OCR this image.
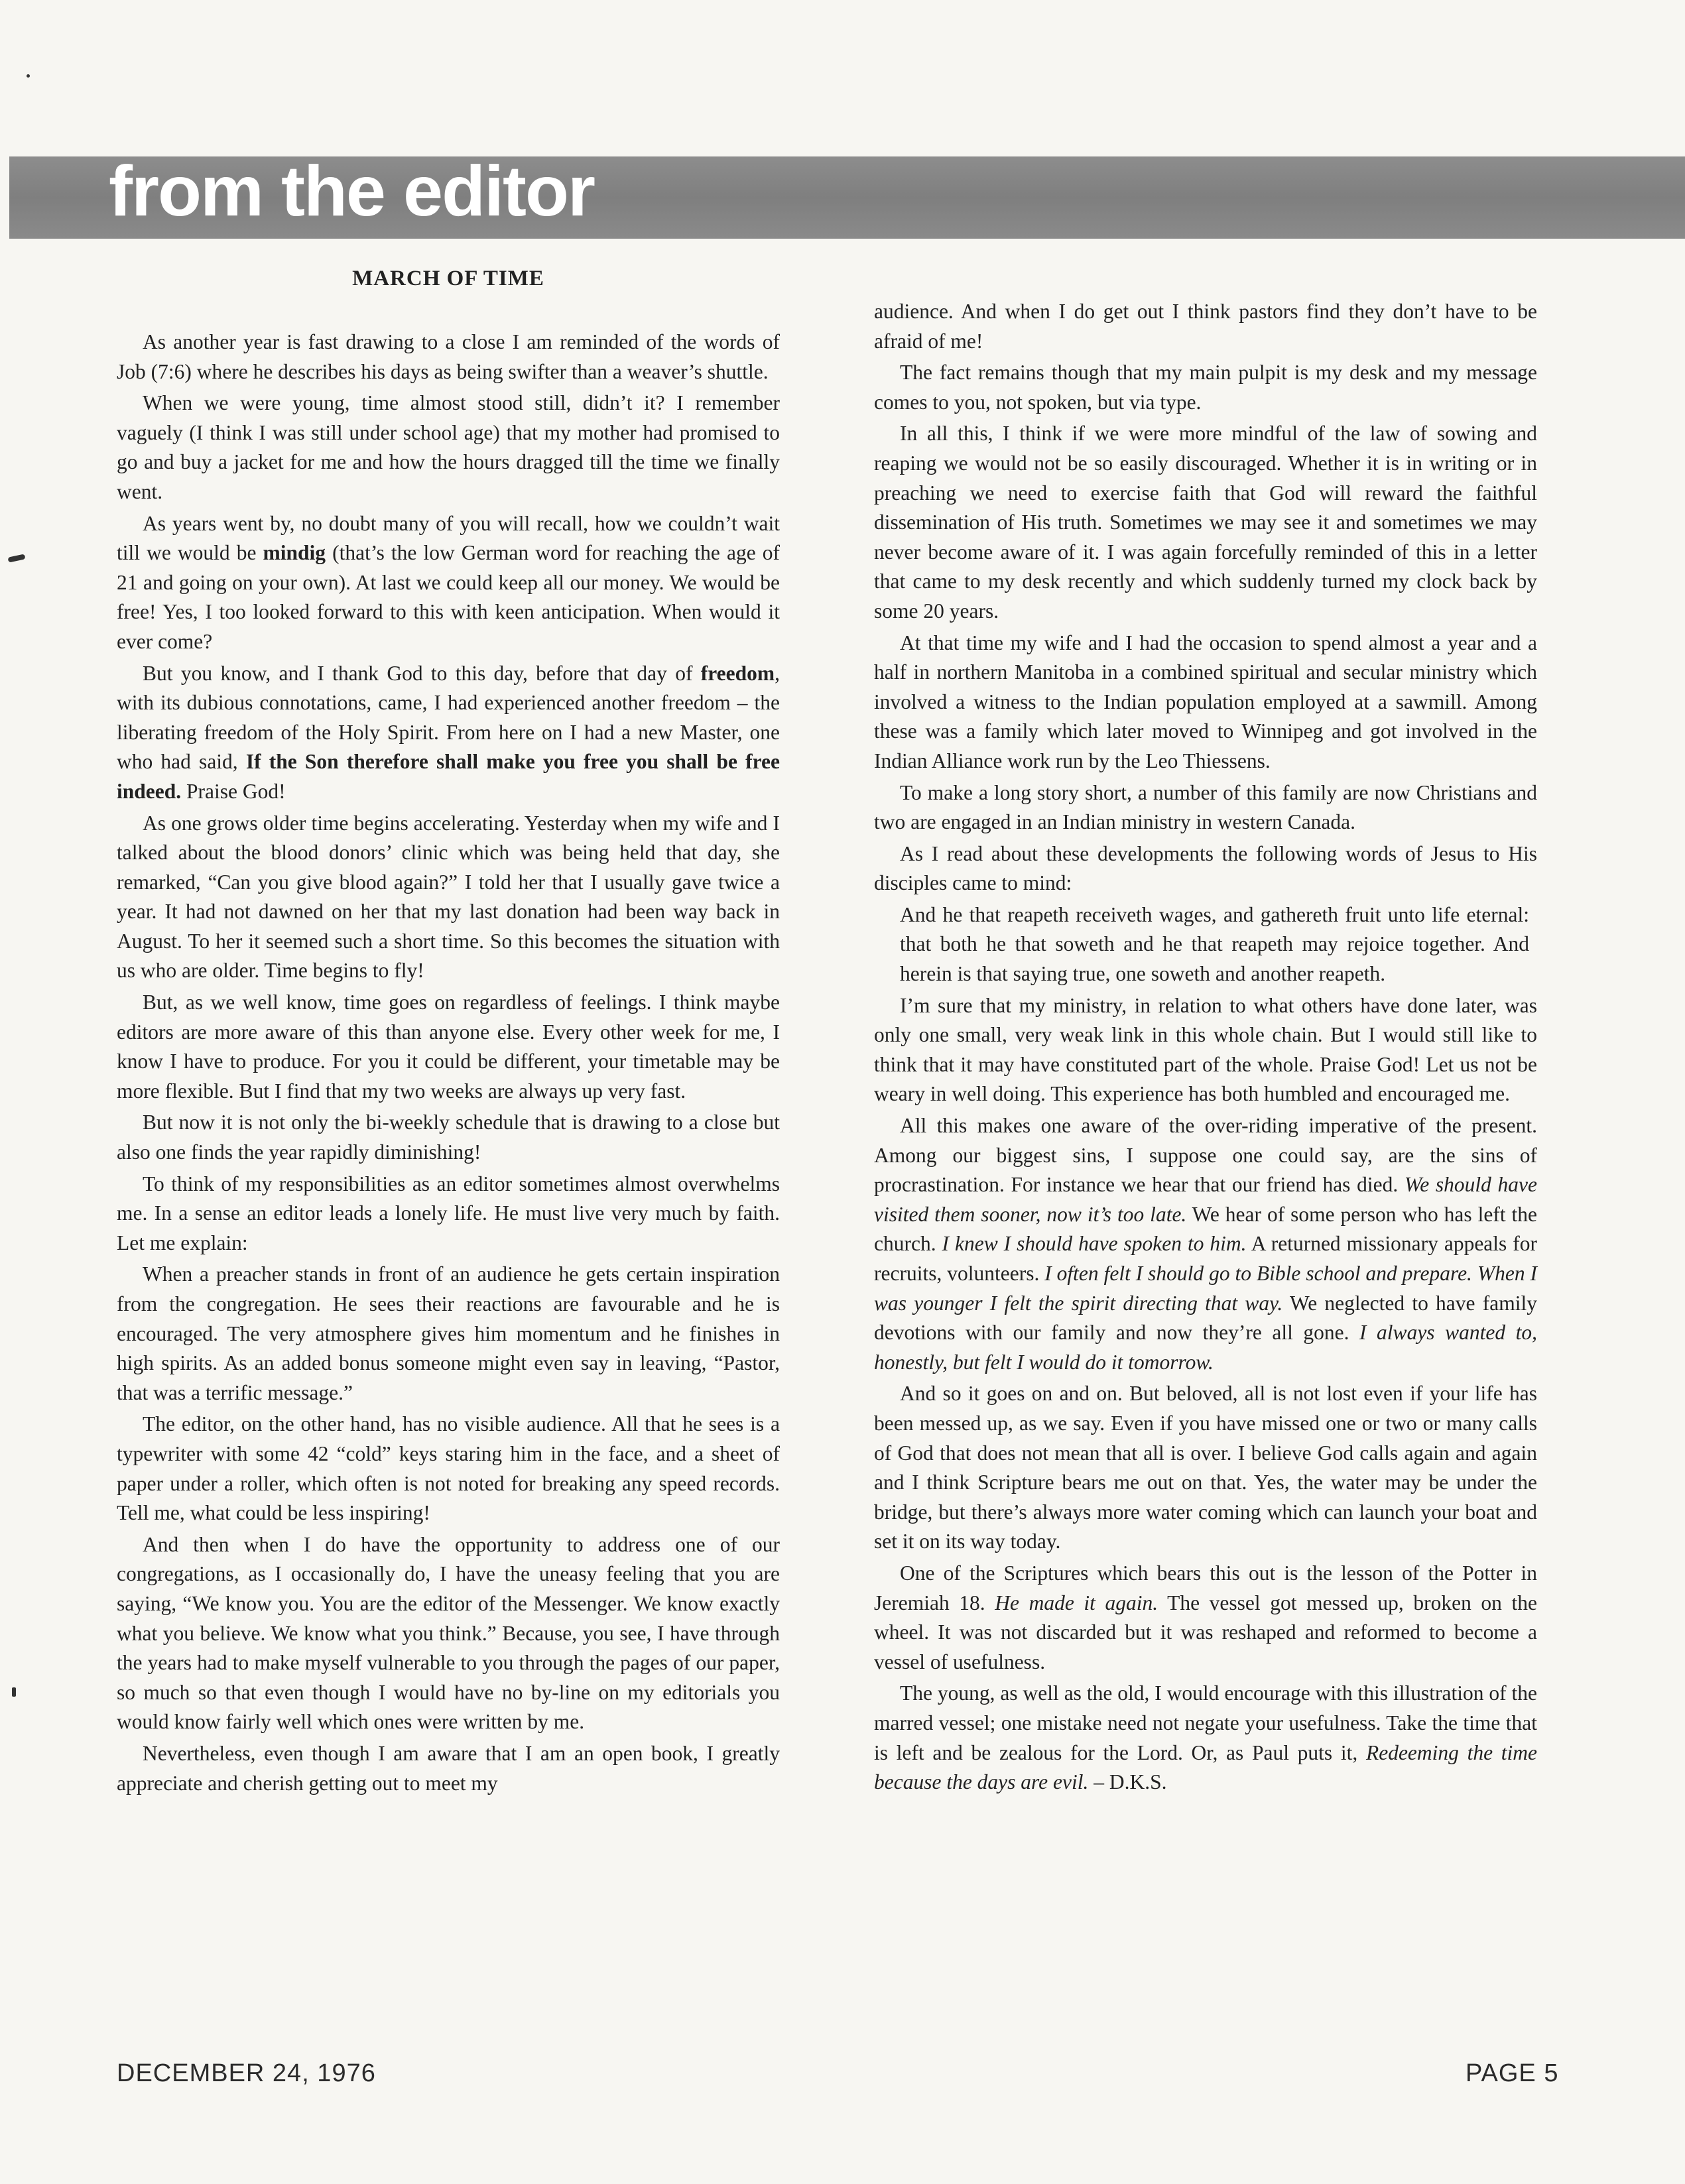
from the editor
MARCH OF TIME

As another year is fast drawing to a close I am reminded of the words of Job (7:6) where he describes his days as being swifter than a weaver’s shuttle.

When we were young, time almost stood still, didn’t it? I remember vaguely (I think I was still under school age) that my mother had promised to go and buy a jacket for me and how the hours dragged till the time we finally went.

As years went by, no doubt many of you will recall, how we couldn’t wait till we would be mindig (that’s the low German word for reaching the age of 21 and going on your own). At last we could keep all our money. We would be free! Yes, I too looked forward to this with keen anticipation. When would it ever come?

But you know, and I thank God to this day, before that day of freedom, with its dubious connotations, came, I had experienced another freedom – the liberating freedom of the Holy Spirit. From here on I had a new Master, one who had said, If the Son therefore shall make you free you shall be free indeed. Praise God!

As one grows older time begins accelerating. Yesterday when my wife and I talked about the blood donors’ clinic which was being held that day, she remarked, “Can you give blood again?” I told her that I usually gave twice a year. It had not dawned on her that my last donation had been way back in August. To her it seemed such a short time. So this becomes the situation with us who are older. Time begins to fly!

But, as we well know, time goes on regardless of feelings. I think maybe editors are more aware of this than anyone else. Every other week for me, I know I have to produce. For you it could be different, your timetable may be more flexible. But I find that my two weeks are always up very fast.

But now it is not only the bi-weekly schedule that is drawing to a close but also one finds the year rapidly diminishing!

To think of my responsibilities as an editor sometimes almost overwhelms me. In a sense an editor leads a lonely life. He must live very much by faith. Let me explain:

When a preacher stands in front of an audience he gets certain inspiration from the congregation. He sees their reactions are favourable and he is encouraged. The very atmosphere gives him momentum and he finishes in high spirits. As an added bonus someone might even say in leaving, “Pastor, that was a terrific message.”

The editor, on the other hand, has no visible audience. All that he sees is a typewriter with some 42 “cold” keys staring him in the face, and a sheet of paper under a roller, which often is not noted for breaking any speed records. Tell me, what could be less inspiring!

And then when I do have the opportunity to address one of our congregations, as I occasionally do, I have the uneasy feeling that you are saying, “We know you. You are the editor of the Messenger. We know exactly what you believe. We know what you think.” Because, you see, I have through the years had to make myself vulnerable to you through the pages of our paper, so much so that even though I would have no by-line on my editorials you would know fairly well which ones were written by me.

Nevertheless, even though I am aware that I am an open book, I greatly appreciate and cherish getting out to meet my

audience. And when I do get out I think pastors find they don’t have to be afraid of me!

The fact remains though that my main pulpit is my desk and my message comes to you, not spoken, but via type.

In all this, I think if we were more mindful of the law of sowing and reaping we would not be so easily discouraged. Whether it is in writing or in preaching we need to exercise faith that God will reward the faithful dissemination of His truth. Sometimes we may see it and sometimes we may never become aware of it. I was again forcefully reminded of this in a letter that came to my desk recently and which suddenly turned my clock back by some 20 years.

At that time my wife and I had the occasion to spend almost a year and a half in northern Manitoba in a combined spiritual and secular ministry which involved a witness to the Indian population employed at a sawmill. Among these was a family which later moved to Winnipeg and got involved in the Indian Alliance work run by the Leo Thiessens.

To make a long story short, a number of this family are now Christians and two are engaged in an Indian ministry in western Canada.

As I read about these developments the following words of Jesus to His disciples came to mind:

And he that reapeth receiveth wages, and gathereth fruit unto life eternal: that both he that soweth and he that reapeth may rejoice together. And herein is that saying true, one soweth and another reapeth.

I’m sure that my ministry, in relation to what others have done later, was only one small, very weak link in this whole chain. But I would still like to think that it may have constituted part of the whole. Praise God! Let us not be weary in well doing. This experience has both humbled and encouraged me.

All this makes one aware of the over-riding imperative of the present. Among our biggest sins, I suppose one could say, are the sins of procrastination. For instance we hear that our friend has died. We should have visited them sooner, now it’s too late. We hear of some person who has left the church. I knew I should have spoken to him. A returned missionary appeals for recruits, volunteers. I often felt I should go to Bible school and prepare. When I was younger I felt the spirit directing that way. We neglected to have family devotions with our family and now they’re all gone. I always wanted to, honestly, but felt I would do it tomorrow.

And so it goes on and on. But beloved, all is not lost even if your life has been messed up, as we say. Even if you have missed one or two or many calls of God that does not mean that all is over. I believe God calls again and again and I think Scripture bears me out on that. Yes, the water may be under the bridge, but there’s always more water coming which can launch your boat and set it on its way today.

One of the Scriptures which bears this out is the lesson of the Potter in Jeremiah 18. He made it again. The vessel got messed up, broken on the wheel. It was not discarded but it was reshaped and reformed to become a vessel of usefulness.

The young, as well as the old, I would encourage with this illustration of the marred vessel; one mistake need not negate your usefulness. Take the time that is left and be zealous for the Lord. Or, as Paul puts it, Redeeming the time because the days are evil. – D.K.S.

DECEMBER 24, 1976	PAGE 5
